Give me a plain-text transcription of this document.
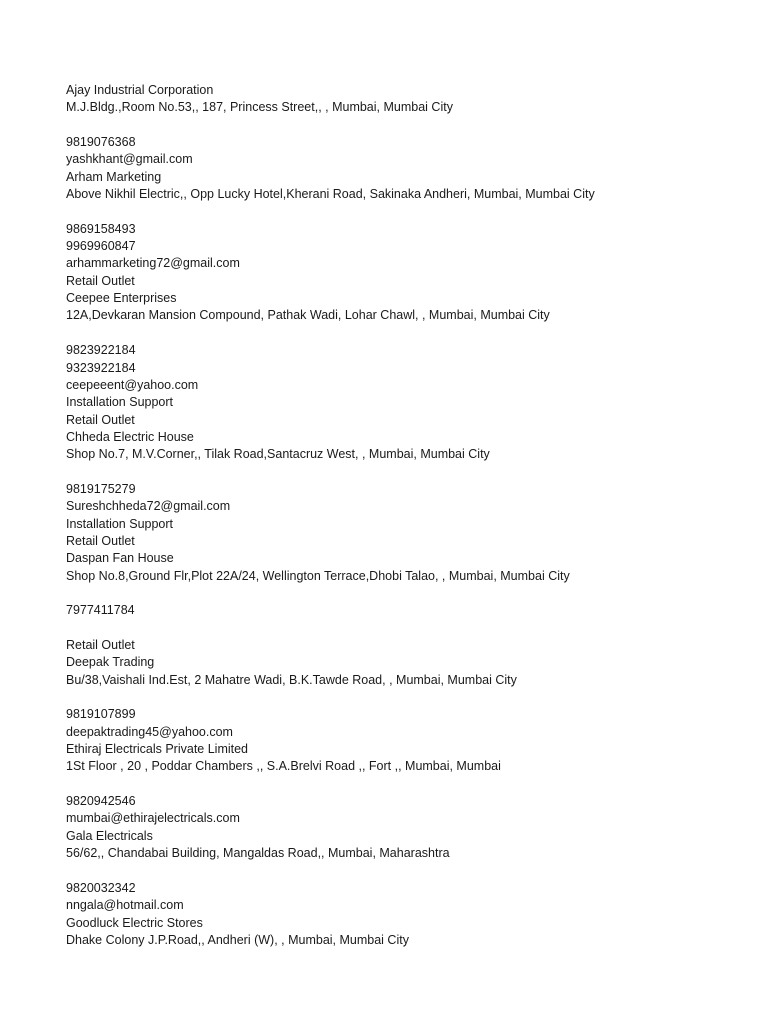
Ajay Industrial Corporation
M.J.Bldg.,Room No.53,, 187, Princess Street,, , Mumbai, Mumbai City
9819076368
yashkhant@gmail.com
Arham Marketing
Above Nikhil Electric,, Opp Lucky Hotel,Kherani Road, Sakinaka Andheri, Mumbai, Mumbai City
9869158493
9969960847
arhammarketing72@gmail.com
Retail Outlet
Ceepee Enterprises
12A,Devkaran Mansion Compound, Pathak Wadi, Lohar Chawl, , Mumbai, Mumbai City
9823922184
9323922184
ceepeeent@yahoo.com
Installation Support
Retail Outlet
Chheda Electric House
Shop No.7, M.V.Corner,, Tilak Road,Santacruz West, , Mumbai, Mumbai City
9819175279
Sureshchheda72@gmail.com
Installation Support
Retail Outlet
Daspan Fan House
Shop No.8,Ground Flr,Plot 22A/24, Wellington Terrace,Dhobi Talao, , Mumbai, Mumbai City
7977411784
Retail Outlet
Deepak Trading
Bu/38,Vaishali Ind.Est, 2 Mahatre Wadi, B.K.Tawde Road, , Mumbai, Mumbai City
9819107899
deepaktrading45@yahoo.com
Ethiraj Electricals Private Limited
1St Floor , 20 , Poddar Chambers ,, S.A.Brelvi Road ,, Fort ,, Mumbai, Mumbai
9820942546
mumbai@ethirajelectricals.com
Gala Electricals
56/62,, Chandabai Building, Mangaldas Road,, Mumbai, Maharashtra
9820032342
nngala@hotmail.com
Goodluck Electric Stores
Dhake Colony J.P.Road,, Andheri (W), , Mumbai, Mumbai City
